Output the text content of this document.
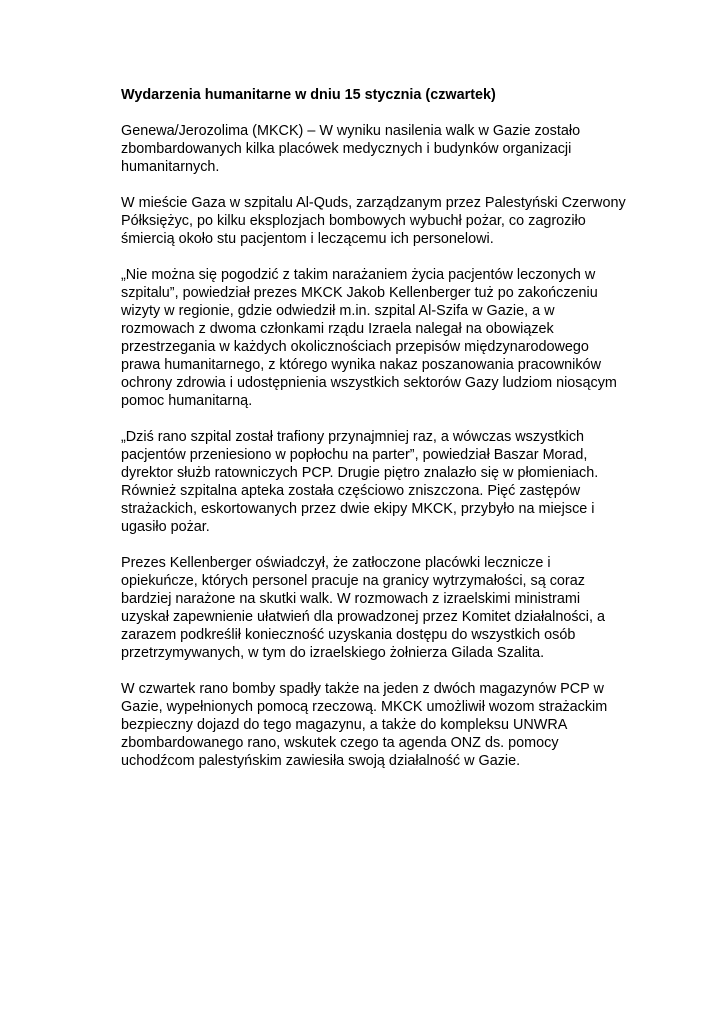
Wydarzenia humanitarne w dniu 15 stycznia (czwartek)
Genewa/Jerozolima (MKCK) – W wyniku nasilenia walk w Gazie zostało
zbombardowanych kilka placówek medycznych i budynków organizacji
humanitarnych.
W mieście Gaza w szpitalu Al-Quds, zarządzanym przez Palestyński Czerwony
Półksiężyc, po kilku eksplozjach bombowych wybuchł pożar, co zagroziło
śmiercią około stu pacjentom i leczącemu ich personelowi.
„Nie można się pogodzić z takim narażaniem życia pacjentów leczonych w
szpitalu”, powiedział prezes MKCK Jakob Kellenberger tuż po zakończeniu
wizyty w regionie, gdzie odwiedził m.in. szpital Al-Szifa w Gazie, a w
rozmowach z dwoma członkami rządu Izraela nalegał na obowiązek
przestrzegania w każdych okolicznościach przepisów międzynarodowego
prawa humanitarnego, z którego wynika nakaz poszanowania pracowników
ochrony zdrowia i udostępnienia wszystkich sektorów Gazy ludziom niosącym
pomoc humanitarną.
„Dziś rano szpital został trafiony przynajmniej raz, a wówczas wszystkich
pacjentów przeniesiono w popłochu na parter”, powiedział Baszar Morad,
dyrektor służb ratowniczych PCP. Drugie piętro znalazło się w płomieniach.
Również szpitalna apteka została częściowo zniszczona. Pięć zastępów
strażackich, eskortowanych przez dwie ekipy MKCK, przybyło na miejsce i
ugasiło pożar.
Prezes Kellenberger oświadczył, że zatłoczone placówki lecznicze i
opiekuńcze, których personel pracuje na granicy wytrzymałości, są coraz
bardziej narażone na skutki walk. W rozmowach z izraelskimi ministrami
uzyskał zapewnienie ułatwień dla prowadzonej przez Komitet działalności, a
zarazem podkreślił konieczność uzyskania dostępu do wszystkich osób
przetrzymywanych, w tym do izraelskiego żołnierza Gilada Szalita.
W czwartek rano bomby spadły także na jeden z dwóch magazynów PCP w
Gazie, wypełnionych pomocą rzeczową. MKCK umożliwił wozom strażackim
bezpieczny dojazd do tego magazynu, a także do kompleksu UNWRA
zbombardowanego rano, wskutek czego ta agenda ONZ ds. pomocy
uchodźcom palestyńskim zawiesiła swoją działalność w Gazie.
